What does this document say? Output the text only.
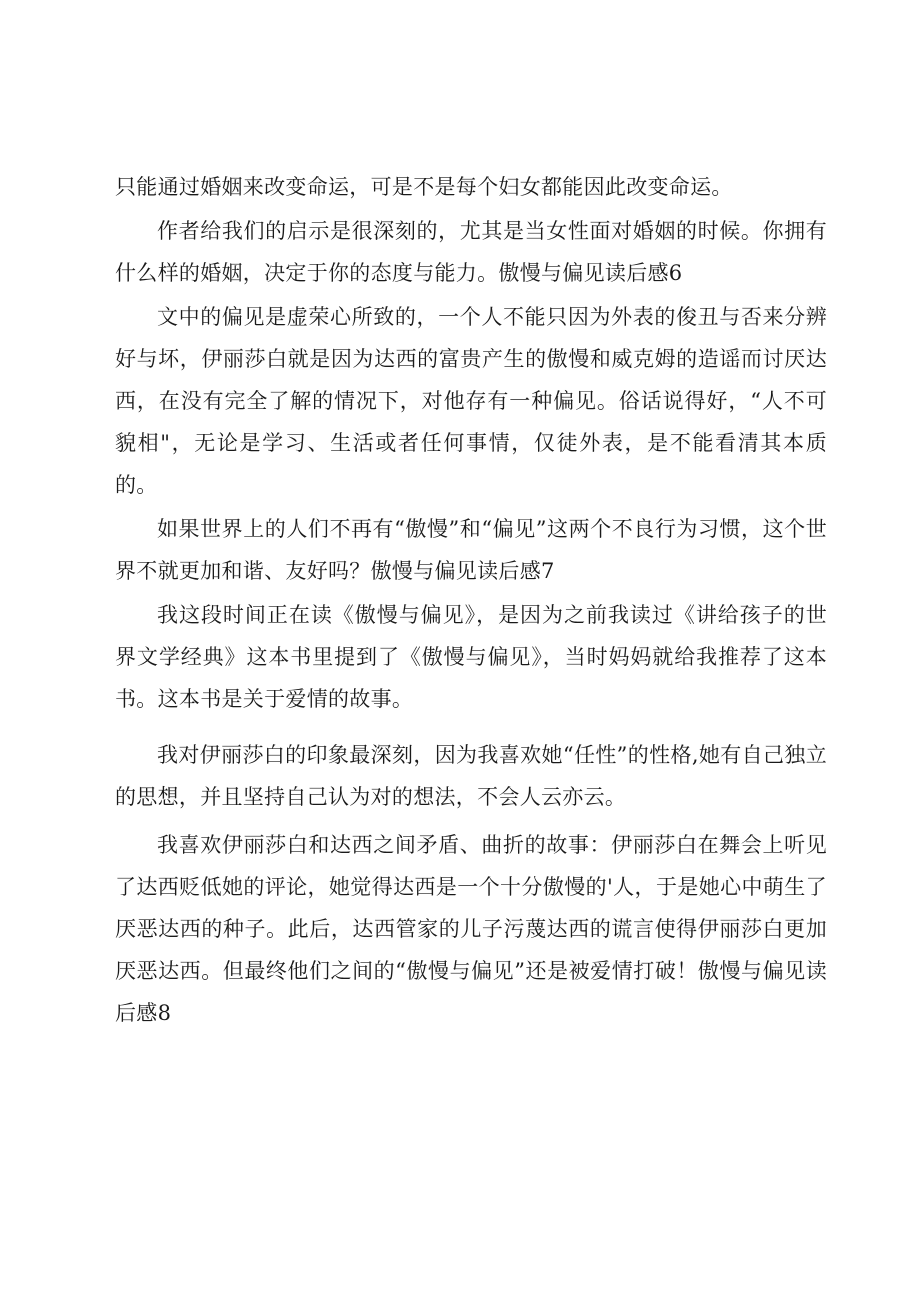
只能通过婚姻来改变命运，可是不是每个妇女都能因此改变命运。

作者给我们的启示是很深刻的，尤其是当女性面对婚姻的时候。你拥有什么样的婚姻，决定于你的态度与能力。傲慢与偏见读后感6

文中的偏见是虚荣心所致的，一个人不能只因为外表的俊丑与否来分辨好与坏，伊丽莎白就是因为达西的富贵产生的傲慢和威克姆的造谣而讨厌达西，在没有完全了解的情况下，对他存有一种偏见。俗话说得好，“人不可貌相"，无论是学习、生活或者任何事情，仅徒外表，是不能看清其本质的。

如果世界上的人们不再有“傲慢”和“偏见”这两个不良行为习惯，这个世界不就更加和谐、友好吗？傲慢与偏见读后感7

我这段时间正在读《傲慢与偏见》，是因为之前我读过《讲给孩子的世界文学经典》这本书里提到了《傲慢与偏见》，当时妈妈就给我推荐了这本书。这本书是关于爱情的故事。

我对伊丽莎白的印象最深刻，因为我喜欢她“任性”的性格,她有自己独立的思想，并且坚持自己认为对的想法，不会人云亦云。

我喜欢伊丽莎白和达西之间矛盾、曲折的故事：伊丽莎白在舞会上听见了达西贬低她的评论，她觉得达西是一个十分傲慢的'人，于是她心中萌生了厌恶达西的种子。此后，达西管家的儿子污蔑达西的谎言使得伊丽莎白更加厌恶达西。但最终他们之间的“傲慢与偏见”还是被爱情打破！傲慢与偏见读后感8
